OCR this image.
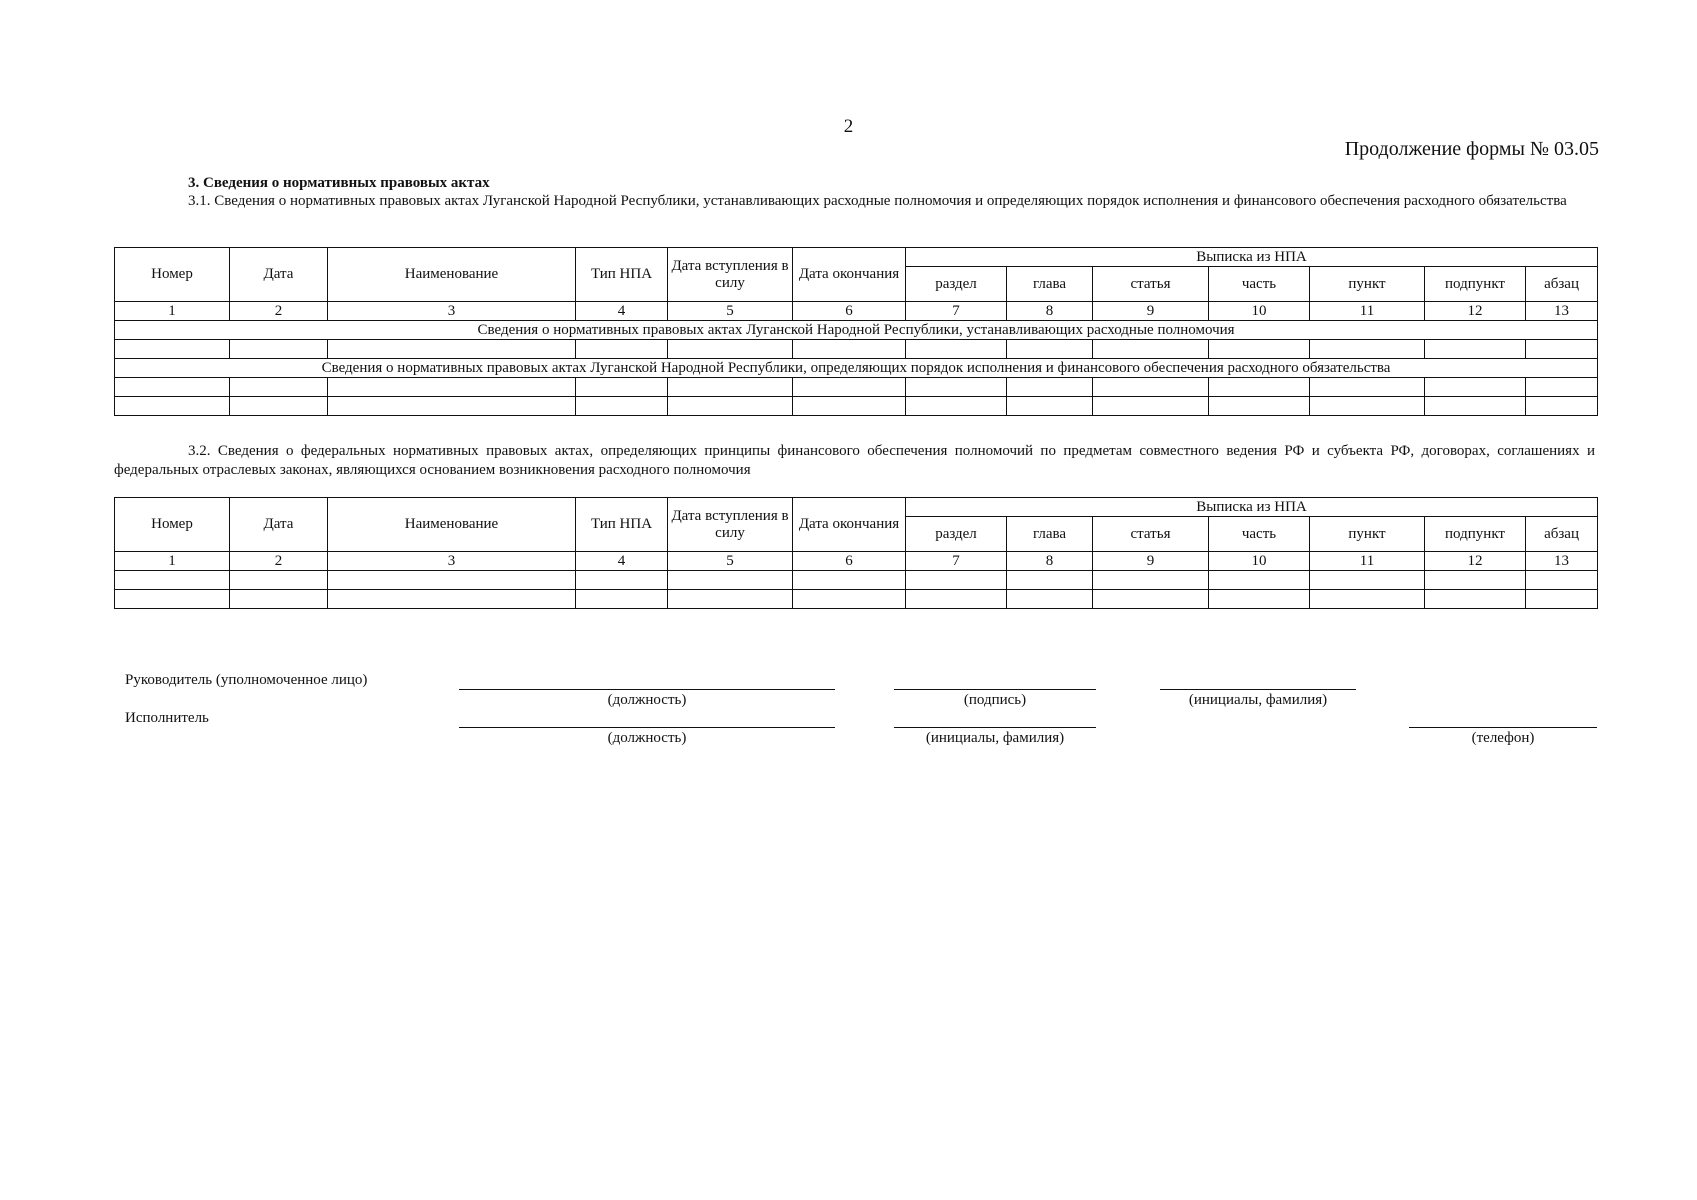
2
Продолжение формы № 03.05
3. Сведения о нормативных правовых актах
3.1. Сведения о нормативных правовых актах Луганской Народной Республики, устанавливающих расходные полномочия и определяющих порядок исполнения и финансового обеспечения расходного обязательства
Номер	Дата	Наименование	Тип НПА	Дата вступления в силу	Дата окончания	Выписка из НПА						
						раздел	глава	статья	часть	пункт	подпункт	абзац
1	2	3	4	5	6	7	8	9	10	11	12	13
Сведения о нормативных правовых актах Луганской Народной Республики, устанавливающих расходные полномочия												

Сведения о нормативных правовых актах Луганской Народной Республики, определяющих порядок исполнения и финансового обеспечения расходного обязательства												

3.2. Сведения о федеральных нормативных правовых актах, определяющих принципы финансового обеспечения полномочий по предметам совместного ведения РФ и субъекта РФ, договорах, соглашениях и федеральных отраслевых законах, являющихся основанием возникновения расходного полномочия
Номер	Дата	Наименование	Тип НПА	Дата вступления в силу	Дата окончания	Выписка из НПА						
						раздел	глава	статья	часть	пункт	подпункт	абзац
1	2	3	4	5	6	7	8	9	10	11	12	13

Руководитель (уполномоченное лицо)
(должность)	(подпись)	(инициалы, фамилия)
Исполнитель
(должность)	(инициалы, фамилия)	(телефон)
